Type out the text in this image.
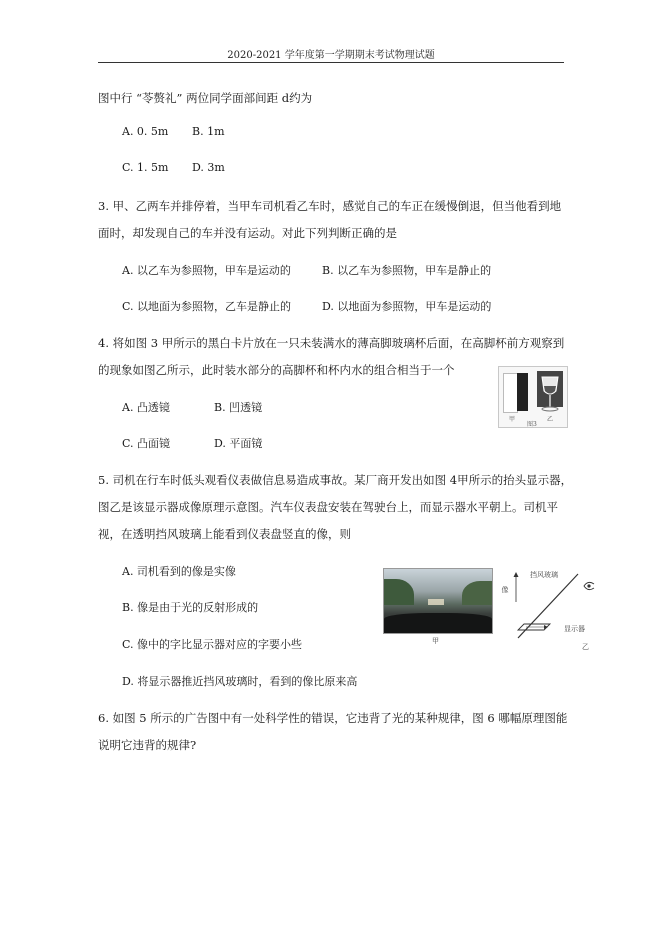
2020-2021 学年度第一学期期末考试物理试题
图中行 “苓赘礼” 两位同学面部间距 d约为
A. 0. 5m B. 1m
C. 1. 5m D. 3m
3. 甲、乙两车并排停着，当甲车司机看乙车时，感觉自己的车正在缓慢倒退，但当他看到地
面时，却发现自己的车并没有运动。对此下列判断正确的是
A. 以乙车为参照物，甲车是运动的	B. 以乙车为参照物，甲车是静止的
C. 以地面为参照物，乙车是静止的	D. 以地面为参照物，甲车是运动的
4. 将如图 3 甲所示的黑白卡片放在一只未装满水的薄高脚玻璃杯后面，在高脚杯前方观察到
的现象如图乙所示，此时装水部分的高脚杯和杯内水的组合相当于一个
A. 凸透镜	B. 凹透镜
C. 凸面镜	D. 平面镜
甲	乙
图3
5. 司机在行车时低头观看仪表做信息易造成事故。某厂商开发出如图 4甲所示的抬头显示器，
图乙是该显示器成像原理示意图。汽车仪表盘安装在驾驶台上，而显示器水平朝上。司机平
视，在透明挡风玻璃上能看到仪表盘竖直的像，则
A. 司机看到的像是实像
B. 像是由于光的反射形成的
C. 像中的字比显示器对应的字要小些
D. 将显示器推近挡风玻璃时，看到的像比原来高
甲
挡风玻璃
像
显示器
乙
6. 如图 5 所示的广告图中有一处科学性的错误，它违背了光的某种规律，图 6 哪幅原理图能
说明它违背的规律?
